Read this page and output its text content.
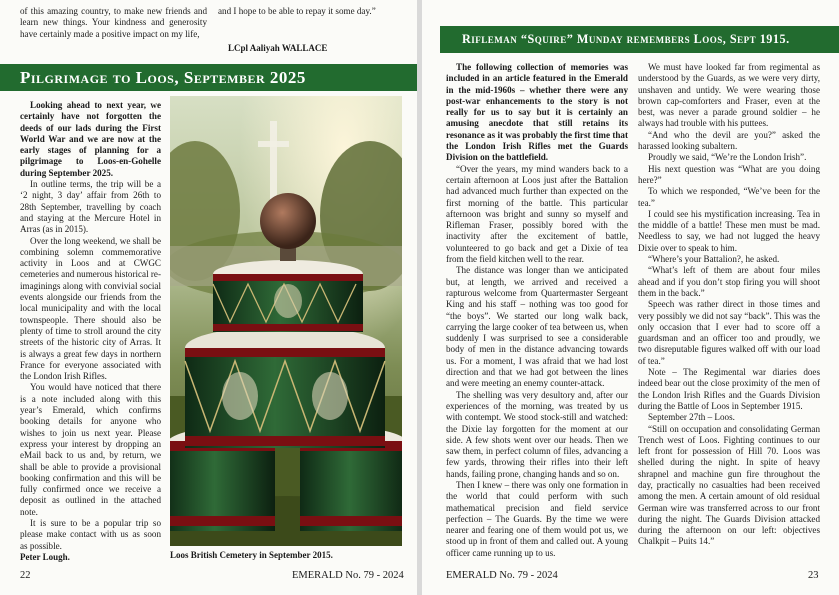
of this amazing country, to make new friends and learn new things. Your kindness and generosity have certainly made a positive impact on my life,

and I hope to be able to repay it some day.”

LCpl Aaliyah WALLACE
Pilgrimage to Loos, September 2025

Looking ahead to next year, we certainly have not forgotten the deeds of our lads during the First World War and we are now at the early stages of planning for a pilgrimage to Loos-en-Gohelle during September 2025.

In outline terms, the trip will be a ‘2 night, 3 day’ affair from 26th to 28th September, travelling by coach and staying at the Mercure Hotel in Arras (as in 2015).

Over the long weekend, we shall be combining solemn commemorative activity in Loos and at CWGC cemeteries and numerous historical re-imaginings along with convivial social events alongside our friends from the local municipality and with the local townspeople. There should also be plenty of time to stroll around the city streets of the historic city of Arras. It is always a great few days in northern France for everyone associated with the London Irish Rifles.

You would have noticed that there is a note included along with this year’s Emerald, which confirms booking details for anyone who wishes to join us next year. Please express your interest by dropping an eMail back to us and, by return, we shall be able to provide a provisional booking confirmation and this will be fully confirmed once we receive a deposit as outlined in the attached note.

It is sure to be a popular trip so please make contact with us as soon as possible.

Peter Lough.	Loos British Cemetery in September 2015.
22	EMERALD No. 79 - 2024
Rifleman “Squire” Munday remembers Loos, Sept 1915.

The following collection of memories was included in an article featured in the Emerald in the mid-1960s – whether there were any post-war enhancements to the story is not really for us to say but it is certainly an amusing anecdote that still retains its resonance as it was probably the first time that the London Irish Rifles met the Guards Division on the battlefield.

“Over the years, my mind wanders back to a certain afternoon at Loos just after the Battalion had advanced much further than expected on the first morning of the battle. This particular afternoon was bright and sunny so myself and Rifleman Fraser, possibly bored with the inactivity after the excitement of battle, volunteered to go back and get a Dixie of tea from the field kitchen well to the rear.

The distance was longer than we anticipated but, at length, we arrived and received a rapturous welcome from Quartermaster Sergeant King and his staff – nothing was too good for “the boys”. We started our long walk back, carrying the large cooker of tea between us, when suddenly I was surprised to see a considerable body of men in the distance advancing towards us. For a moment, I was afraid that we had lost direction and that we had got between the lines and were meeting an enemy counter-attack.

The shelling was very desultory and, after our experiences of the morning, was treated by us with contempt. We stood stock-still and watched: the Dixie lay forgotten for the moment at our side. A few shots went over our heads. Then we saw them, in perfect column of files, advancing a few yards, throwing their rifles into their left hands, failing prone, changing hands and so on.

Then I knew – there was only one formation in the world that could perform with such mathematical precision and field service perfection – The Guards. By the time we were nearer and fearing one of them would pot us, we stood up in front of them and called out. A young officer came running up to us.

We must have looked far from regimental as understood by the Guards, as we were very dirty, unshaven and untidy. We were wearing those brown cap-comforters and Fraser, even at the best, was never a parade ground soldier – he always had trouble with his puttees.

“And who the devil are you?” asked the harassed looking subaltern.

Proudly we said, “We’re the London Irish”.

His next question was “What are you doing here?”

To which we responded, “We’ve been for the tea.”

I could see his mystification increasing. Tea in the middle of a battle! These men must be mad. Needless to say, we had not lugged the heavy Dixie over to speak to him.

“Where’s your Battalion?, he asked.

“What’s left of them are about four miles ahead and if you don’t stop firing you will shoot them in the back.”

Speech was rather direct in those times and very possibly we did not say “back”. This was the only occasion that I ever had to score off a guardsman and an officer too and proudly, we two disreputable figures walked off with our load of tea.”

Note – The Regimental war diaries does indeed bear out the close proximity of the men of the London Irish Rifles and the Guards Division during the Battle of Loos in September 1915.

September 27th – Loos.

“Still on occupation and consolidating German Trench west of Loos. Fighting continues to our left front for possession of Hill 70. Loos was shelled during the night. In spite of heavy shrapnel and machine gun fire throughout the day, practically no casualties had been received among the men. A certain amount of old residual German wire was transferred across to our front during the night. The Guards Division attacked during the afternoon on our left: objectives Chalkpit – Puits 14.”

EMERALD No. 79 - 2024	23
